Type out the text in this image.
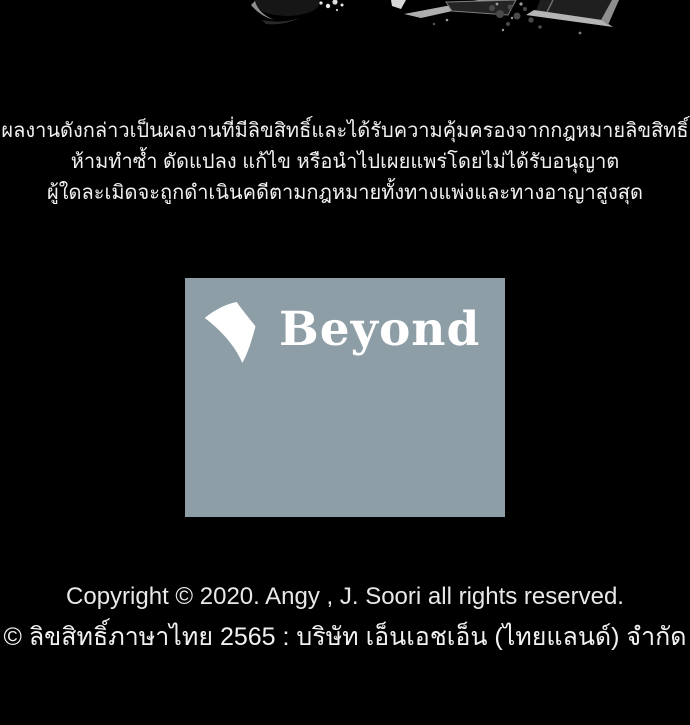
ผลงานดังกล่าวเป็นผลงานที่มีลิขสิทธิ์และได้รับความคุ้มครองจากกฎหมายลิขสิทธิ์
ห้ามทำซ้ำ ดัดแปลง แก้ไข หรือนำไปเผยแพร่โดยไม่ได้รับอนุญาต
ผู้ใดละเมิดจะถูกดำเนินคดีตามกฎหมายทั้งทางแพ่งและทางอาญาสูงสุด
Beyond
Copyright © 2020. Angy , J. Soori all rights reserved.
© ลิขสิทธิ์ภาษาไทย 2565 : บริษัท เอ็นเอชเอ็น (ไทยแลนด์) จำกัด
